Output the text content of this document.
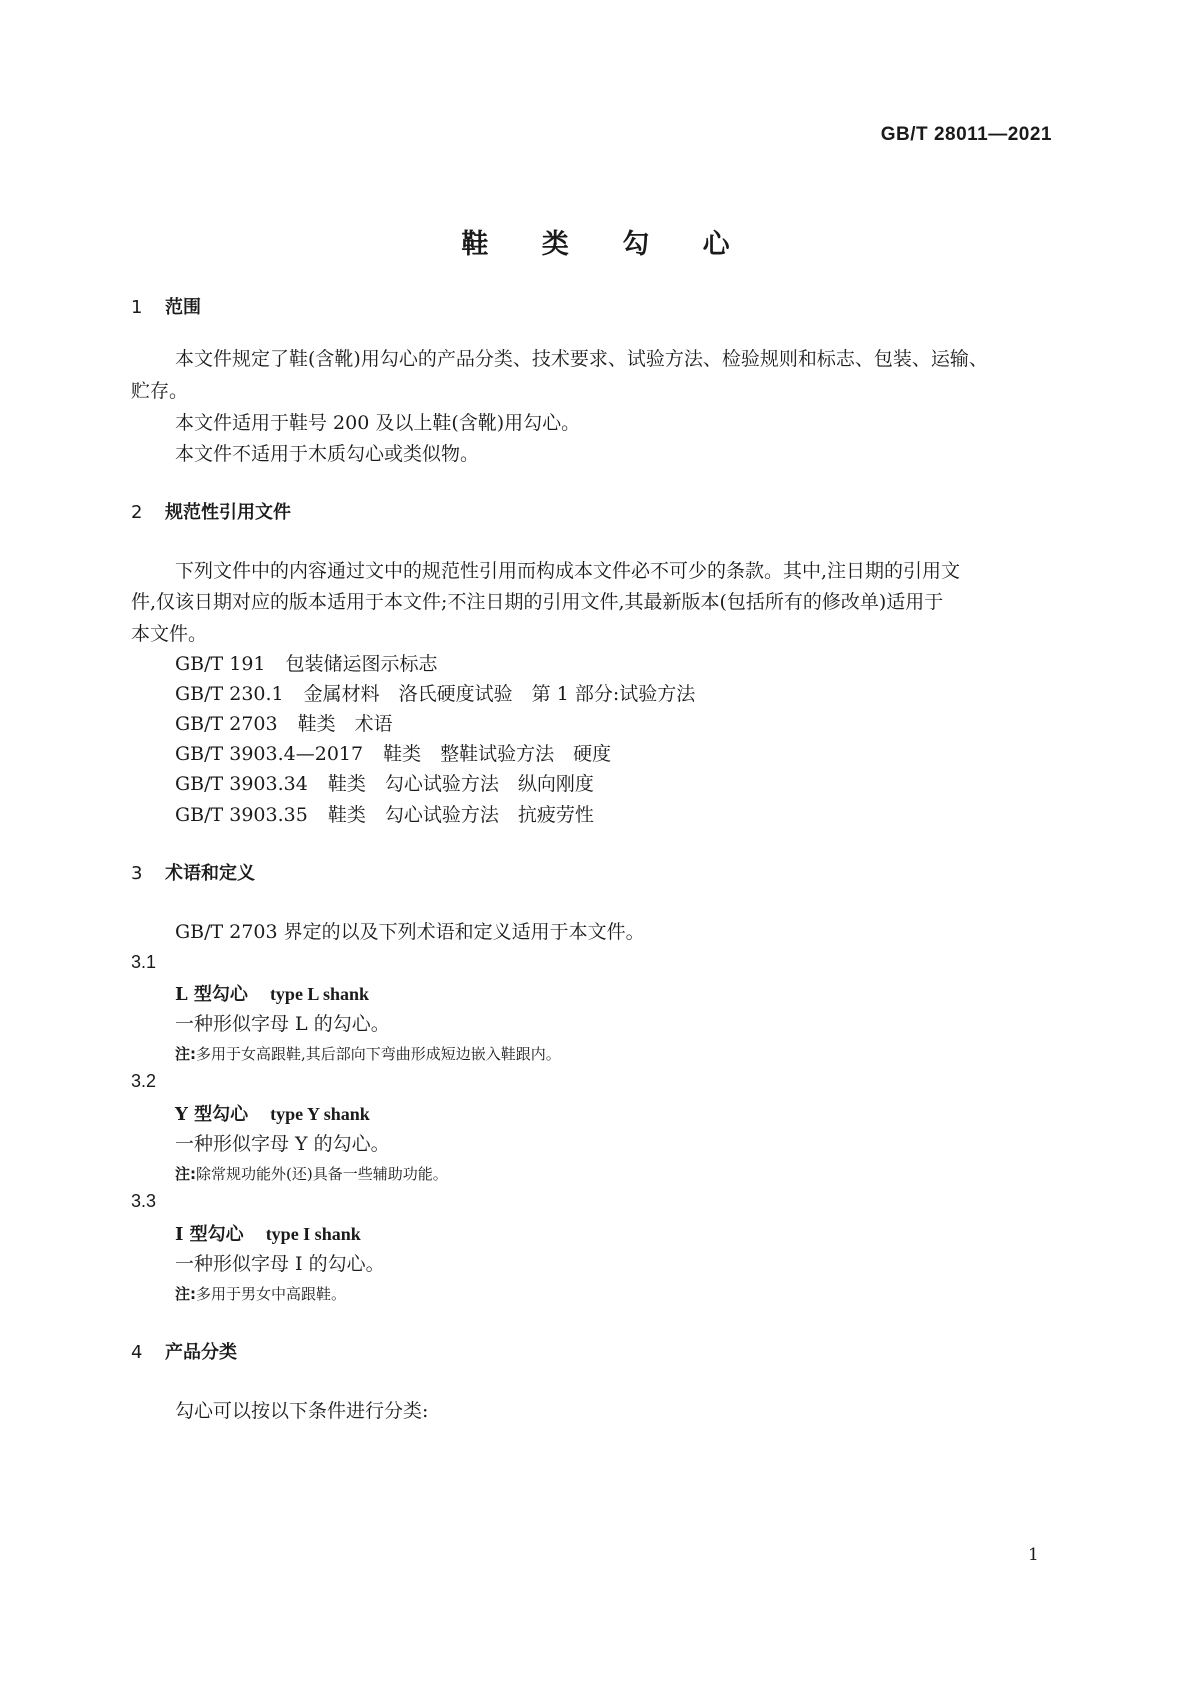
GB/T 28011—2021
鞋 类 勾 心
1 范围
本文件规定了鞋(含靴)用勾心的产品分类、技术要求、试验方法、检验规则和标志、包装、运输、
贮存。
本文件适用于鞋号 200 及以上鞋(含靴)用勾心。
本文件不适用于木质勾心或类似物。
2 规范性引用文件
下列文件中的内容通过文中的规范性引用而构成本文件必不可少的条款。其中,注日期的引用文
件,仅该日期对应的版本适用于本文件;不注日期的引用文件,其最新版本(包括所有的修改单)适用于
本文件。
GB/T 191 包装储运图示标志
GB/T 230.1 金属材料　洛氏硬度试验　第 1 部分:试验方法
GB/T 2703 鞋类　术语
GB/T 3903.4—2017 鞋类　整鞋试验方法　硬度
GB/T 3903.34 鞋类　勾心试验方法　纵向刚度
GB/T 3903.35 鞋类　勾心试验方法　抗疲劳性
3 术语和定义
GB/T 2703 界定的以及下列术语和定义适用于本文件。
3.1
L 型勾心 type L shank
一种形似字母 L 的勾心。
注:多用于女高跟鞋,其后部向下弯曲形成短边嵌入鞋跟内。
3.2
Y 型勾心 type Y shank
一种形似字母 Y 的勾心。
注:除常规功能外(还)具备一些辅助功能。
3.3
I 型勾心 type I shank
一种形似字母 I 的勾心。
注:多用于男女中高跟鞋。
4 产品分类
勾心可以按以下条件进行分类:
1
